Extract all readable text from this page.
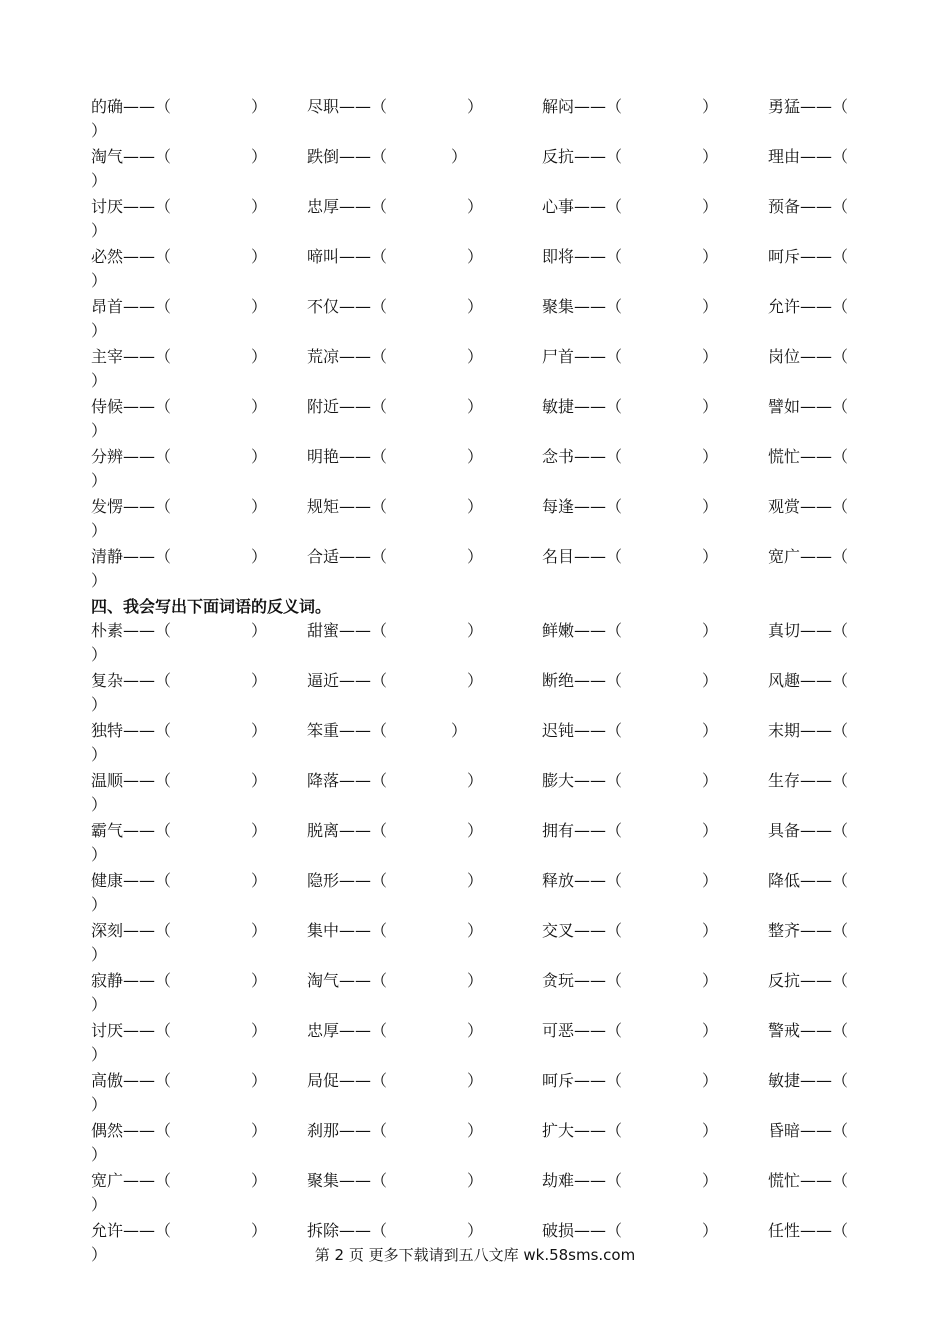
的确——（　　　　　） 尽职——（　　　　　）	解闷——（　　　　　）	勇猛——（
）
淘气——（　　　　　） 跌倒——（　　　　）	反抗——（　　　　　）	理由——（
）
讨厌——（　　　　　） 忠厚——（　　　　　）	心事——（　　　　　）	预备——（
）
必然——（　　　　　） 啼叫——（　　　　　）	即将——（　　　　　）	呵斥——（
）
昂首——（　　　　　） 不仅——（　　　　　）	聚集——（　　　　　）	允许——（
）
主宰——（　　　　　） 荒凉——（　　　　　）	尸首——（　　　　　）	岗位——（
）
侍候——（　　　　　） 附近——（　　　　　）	敏捷——（　　　　　）	譬如——（
）
分辨——（　　　　　） 明艳——（　　　　　）	念书——（　　　　　）	慌忙——（
）
发愣——（　　　　　） 规矩——（　　　　　）	每逢——（　　　　　）	观赏——（
）
清静——（　　　　　） 合适——（　　　　　）	名目——（　　　　　）	宽广——（
）
四、我会写出下面词语的反义词。
朴素——（　　　　　） 甜蜜——（　　　　　）	鲜嫩——（　　　　　）	真切——（
）
复杂——（　　　　　） 逼近——（　　　　　）	断绝——（　　　　　）	风趣——（
）
独特——（　　　　　） 笨重——（　　　　）	迟钝——（　　　　　）	末期——（
）
温顺——（　　　　　） 降落——（　　　　　）	膨大——（　　　　　）	生存——（
）
霸气——（　　　　　） 脱离——（　　　　　）	拥有——（　　　　　）	具备——（
）
健康——（　　　　　） 隐形——（　　　　　）	释放——（　　　　　）	降低——（
）
深刻——（　　　　　） 集中——（　　　　　）	交叉——（　　　　　）	整齐——（
）
寂静——（　　　　　） 淘气——（　　　　　）	贪玩——（　　　　　）	反抗——（
）
讨厌——（　　　　　） 忠厚——（　　　　　）	可恶——（　　　　　）	警戒——（
）
高傲——（　　　　　） 局促——（　　　　　）	呵斥——（　　　　　）	敏捷——（
）
偶然——（　　　　　） 刹那——（　　　　　）	扩大——（　　　　　）	昏暗——（
）
宽广——（　　　　　） 聚集——（　　　　　）	劫难——（　　　　　）	慌忙——（
）
允许——（　　　　　） 拆除——（　　　　　）	破损——（　　　　　）	任性——（
）	第 2 页 更多下载请到五八文库 wk.58sms.com
